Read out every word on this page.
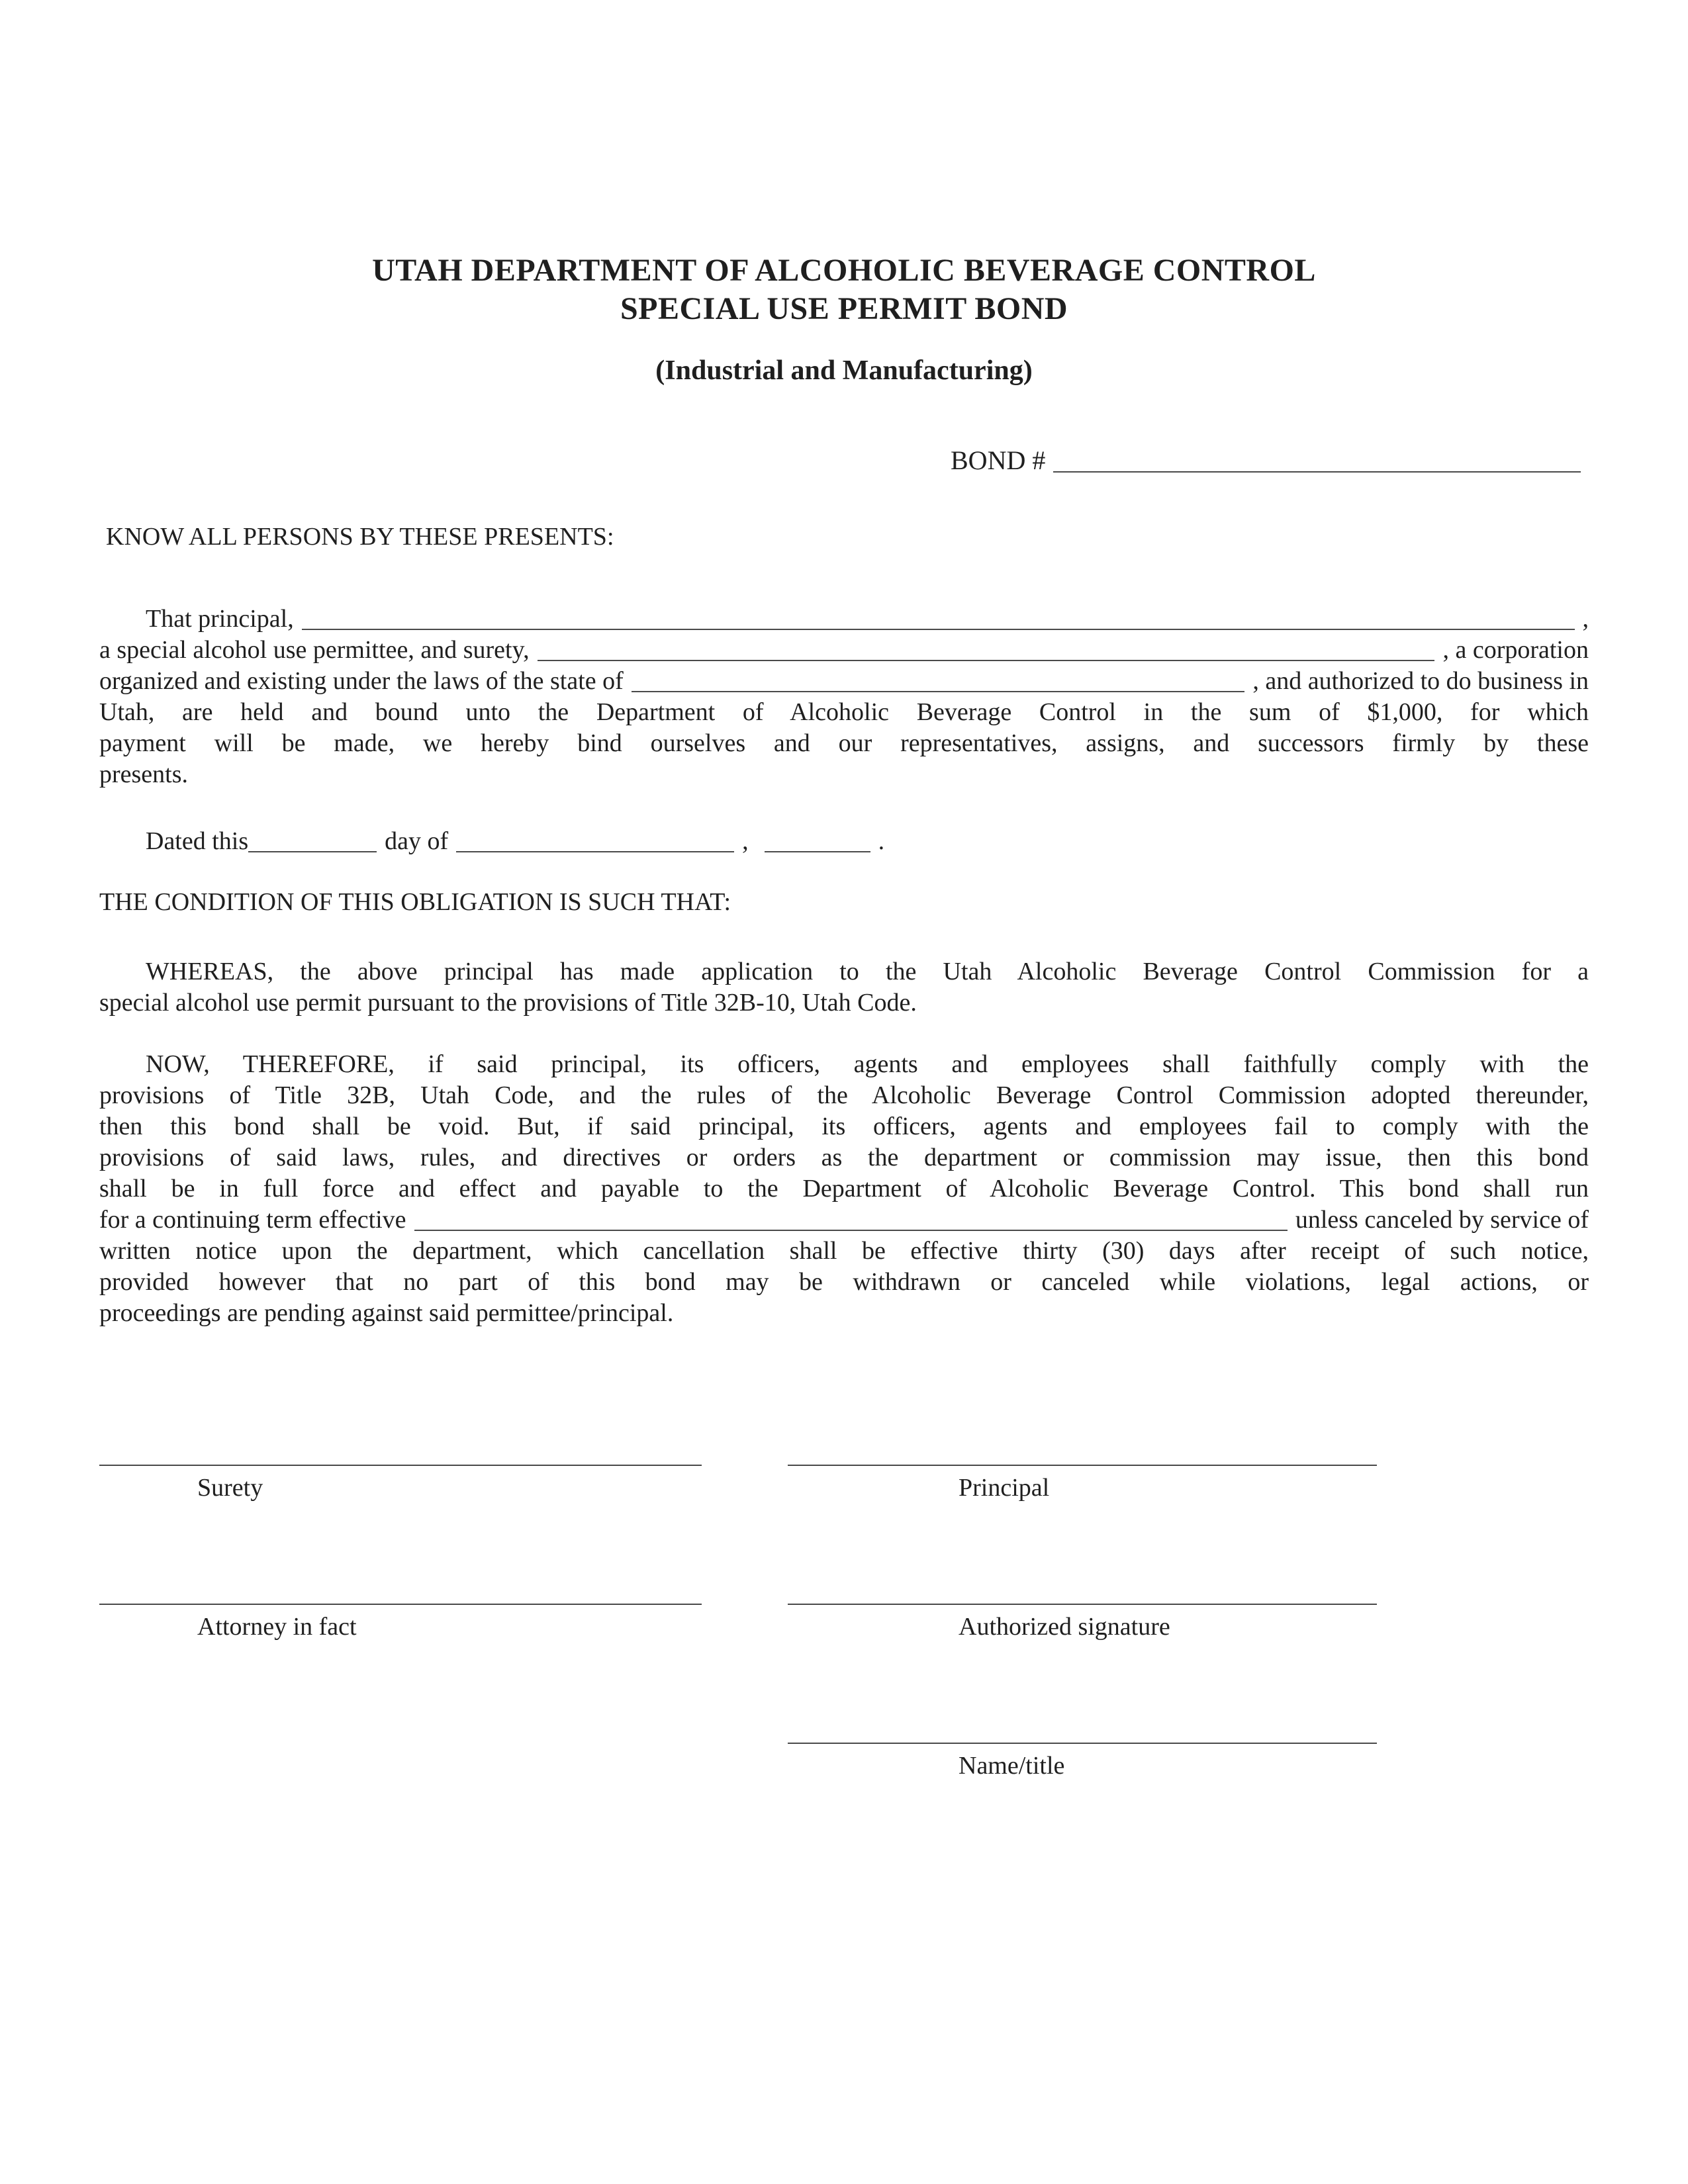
UTAH DEPARTMENT OF ALCOHOLIC BEVERAGE CONTROL
SPECIAL USE PERMIT BOND
(Industrial and Manufacturing)
BOND #
KNOW ALL PERSONS BY THESE PRESENTS:
That principal,	,
a special alcohol use permittee, and surety,	, a corporation
organized and existing under the laws of the state of	, and authorized to do business in
Utah, are held and bound unto the Department of Alcoholic Beverage Control in the sum of $1,000, for which
payment will be made, we hereby bind ourselves and our representatives, assigns, and successors firmly by these
presents.
Dated this	day of	,	.
THE CONDITION OF THIS OBLIGATION IS SUCH THAT:
WHEREAS, the above principal has made application to the Utah Alcoholic Beverage Control Commission for a
special alcohol use permit pursuant to the provisions of Title 32B-10, Utah Code.
NOW, THEREFORE, if said principal, its officers, agents and employees shall faithfully comply with the
provisions of Title 32B, Utah Code, and the rules of the Alcoholic Beverage Control Commission adopted thereunder,
then this bond shall be void. But, if said principal, its officers, agents and employees fail to comply with the
provisions of said laws, rules, and directives or orders as the department or commission may issue, then this bond
shall be in full force and effect and payable to the Department of Alcoholic Beverage Control. This bond shall run
for a continuing term effective	unless canceled by service of
written notice upon the department, which cancellation shall be effective thirty (30) days after receipt of such notice,
provided however that no part of this bond may be withdrawn or canceled while violations, legal actions, or
proceedings are pending against said permittee/principal.
Surety	Principal
Attorney in fact	Authorized signature
Name/title
